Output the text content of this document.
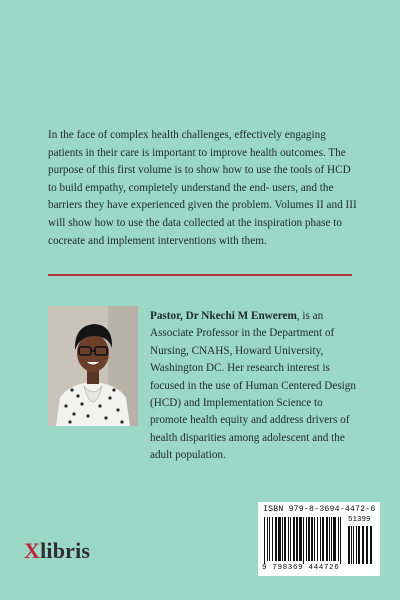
In the face of complex health challenges, effectively engaging patients in their care is important to improve health outcomes. The purpose of this first volume is to show how to use the tools of HCD to build empathy, completely understand the end- users, and the barriers they have experienced given the problem. Volumes II and III will show how to use the data collected at the inspiration phase to cocreate and implement interventions with them.

Pastor, Dr Nkechi M Enwerem, is an Associate Professor in the Department of Nursing, CNAHS, Howard University, Washington DC. Her research interest is focused in the use of Human Centered Design (HCD) and Implementation Science to promote health equity and address drivers of health disparities among adolescent and the adult population.

Xlibris
ISBN 979-8-3694-4472-6
51399
9 798369 444726
